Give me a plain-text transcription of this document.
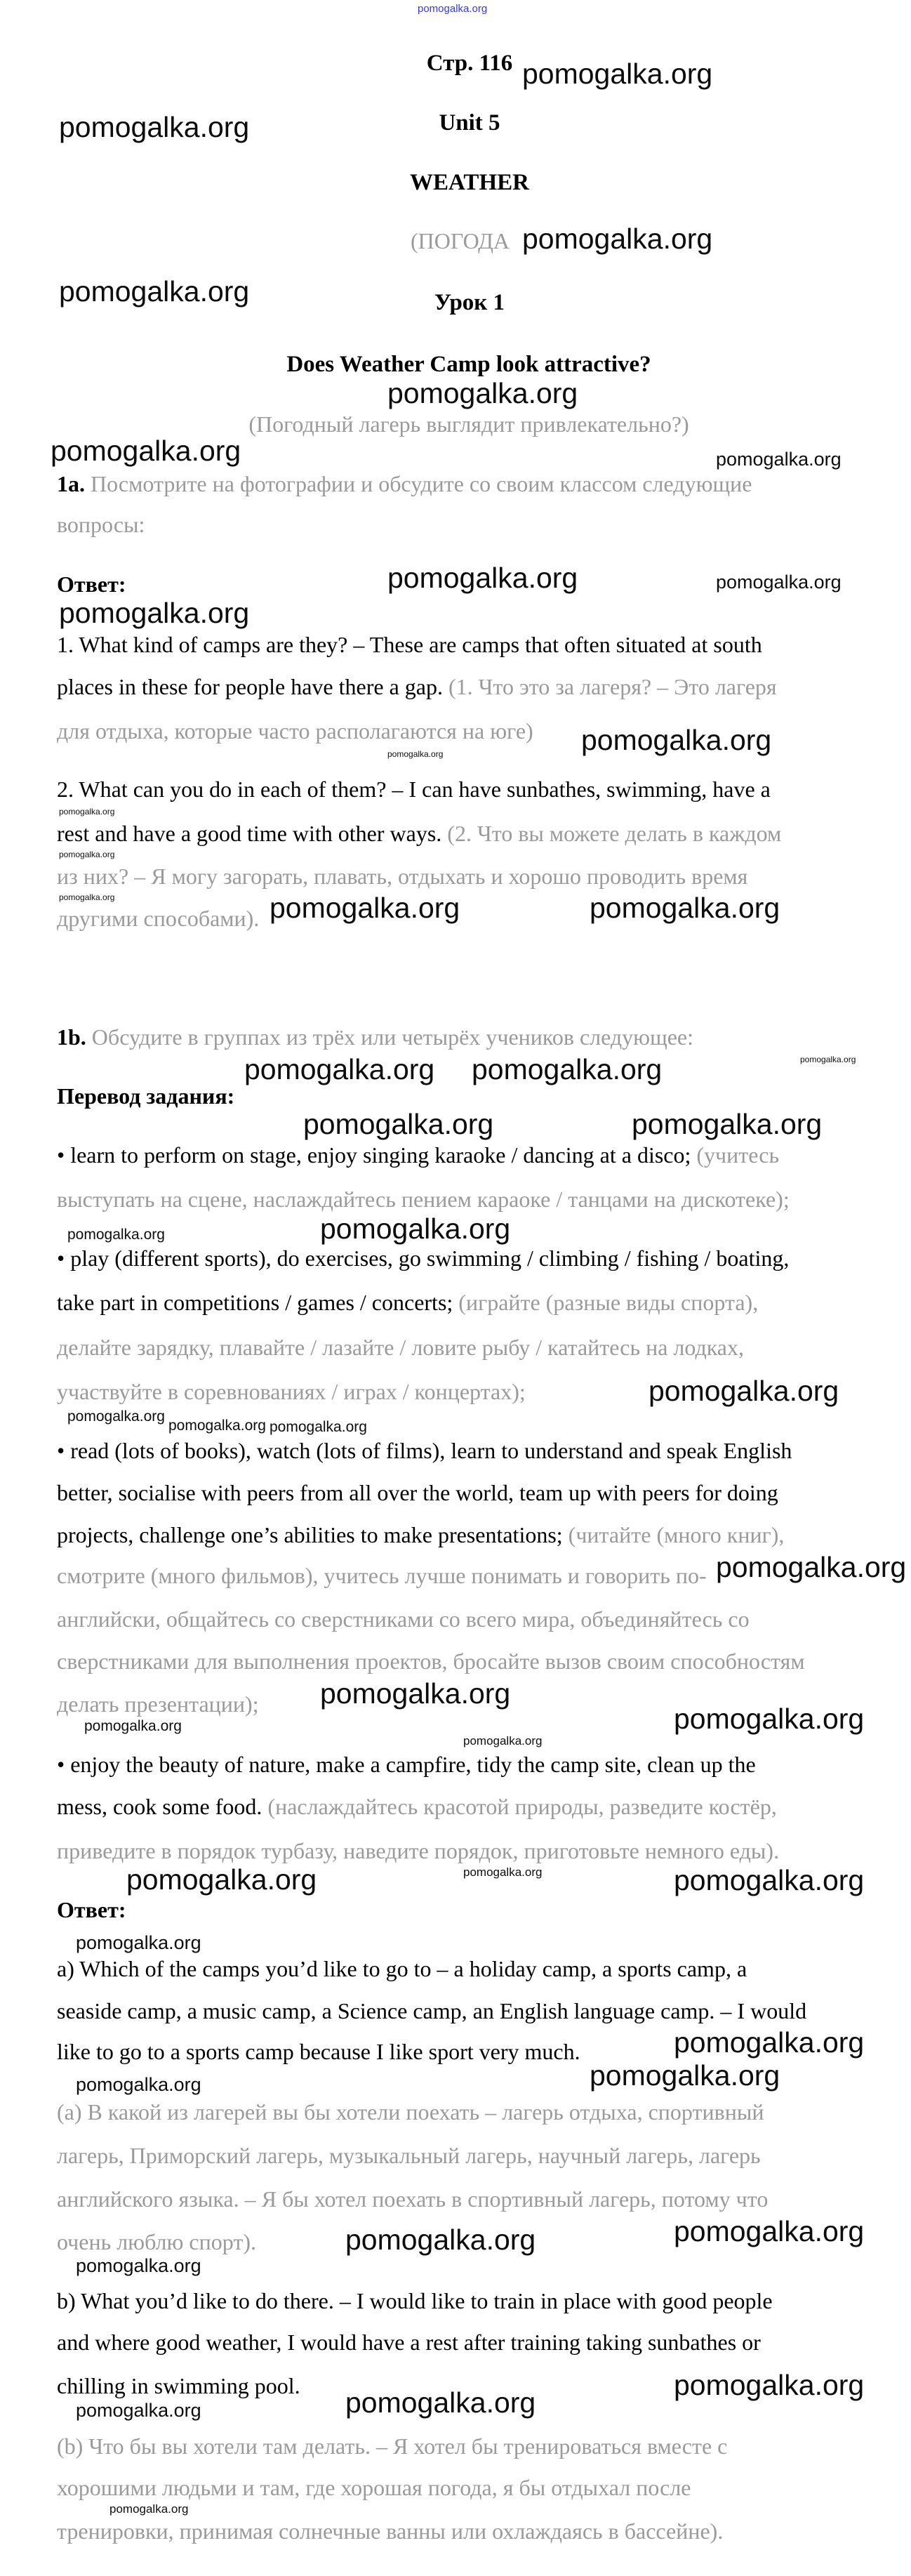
pomogalka.org
Стр. 116
Unit 5
WEATHER
(ПОГОДА
Урок 1
Does Weather Camp look attractive?
(Погодный лагерь выглядит привлекательно?)
1a. Посмотрите на фотографии и обсудите со своим классом следующие
вопросы:
Ответ:
1. What kind of camps are they? – These are camps that often situated at south
places in these for people have there a gap. (1. Что это за лагеря? – Это лагеря
для отдыха, которые часто располагаются на юге)
2. What can you do in each of them? – I can have sunbathes, swimming, have a
rest and have a good time with other ways. (2. Что вы можете делать в каждом
из них? – Я могу загорать, плавать, отдыхать и хорошо проводить время
другими способами).
1b. Обсудите в группах из трёх или четырёх учеников следующее:
Перевод задания:
• learn to perform on stage, enjoy singing karaoke / dancing at a disco; (учитесь
выступать на сцене, наслаждайтесь пением караоке / танцами на дискотеке);
• play (different sports), do exercises, go swimming / climbing / fishing / boating,
take part in competitions / games / concerts; (играйте (разные виды спорта),
делайте зарядку, плавайте / лазайте / ловите рыбу / катайтесь на лодках,
участвуйте в соревнованиях / играх / концертах);
• read (lots of books), watch (lots of films), learn to understand and speak English
better, socialise with peers from all over the world, team up with peers for doing
projects, challenge one’s abilities to make presentations; (читайте (много книг),
смотрите (много фильмов), учитесь лучше понимать и говорить по-
английски, общайтесь со сверстниками со всего мира, объединяйтесь со
сверстниками для выполнения проектов, бросайте вызов своим способностям
делать презентации);
• enjoy the beauty of nature, make a campfire, tidy the camp site, clean up the
mess, cook some food. (наслаждайтесь красотой природы, разведите костёр,
приведите в порядок турбазу, наведите порядок, приготовьте немного еды).
Ответ:
a) Which of the camps you’d like to go to – a holiday camp, a sports camp, a
seaside camp, a music camp, a Science camp, an English language camp. – I would
like to go to a sports camp because I like sport very much.
(a) В какой из лагерей вы бы хотели поехать – лагерь отдыха, спортивный
лагерь, Приморский лагерь, музыкальный лагерь, научный лагерь, лагерь
английского языка. – Я бы хотел поехать в спортивный лагерь, потому что
очень люблю спорт).
b) What you’d like to do there. – I would like to train in place with good people
and where good weather, I would have a rest after training taking sunbathes or
chilling in swimming pool.
(b) Что бы вы хотели там делать. – Я хотел бы тренироваться вместе с
хорошими людьми и там, где хорошая погода, я бы отдыхал после
тренировки, принимая солнечные ванны или охлаждаясь в бассейне).
pomogalka.org
pomogalka.org
pomogalka.org
pomogalka.org
pomogalka.org
pomogalka.org	pomogalka.org
pomogalka.org	pomogalka.org
pomogalka.org
pomogalka.org
pomogalka.org
pomogalka.org
pomogalka.org
pomogalka.org	pomogalka.org	pomogalka.org
pomogalka.org pomogalka.org	pomogalka.org
pomogalka.org
pomogalka.org	pomogalka.org
pomogalka.org
pomogalka.org
pomogalka.org
pomogalka.org pomogalka.org
pomogalka.org
pomogalka.org
pomogalka.org
pomogalka.org
pomogalka.org
pomogalka.org	pomogalka.org	pomogalka.org
pomogalka.org
pomogalka.org
pomogalka.org
pomogalka.org
pomogalka.org
pomogalka.org
pomogalka.org
pomogalka.org
pomogalka.org	pomogalka.org
pomogalka.org
